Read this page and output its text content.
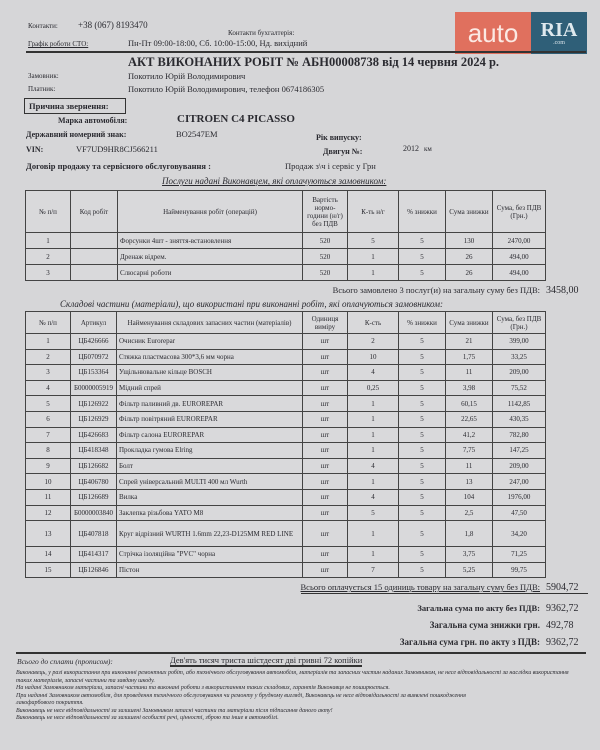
auto	RIA
.com
Контакти: +38 (067) 8193470
Контакти бухгалтерія:
Графік роботи СТО:	Пн-Пт 09:00-18:00, Сб. 10:00-15:00, Нд. вихідний
АКТ ВИКОНАНИХ РОБІТ № АБН00008738 від 14 червня 2024 р.
Замовник:	Покотило Юрій Володимирович
Платник:	Покотило Юрій Володимирович, телефон 0674186305
Причина звернення:
Марка автомобіля:	CITROEN C4 PICASSO
Державний номерний знак:	BO2547EM	Рік випуску:
2012 км
VIN:	VF7UD9HR8CJ566211	Двигун №:
Договір продажу та сервісного обслуговування :	Продаж з\ч і сервіс у Грн
Послуги надані Виконавцем, які оплачуються замовником:
№ п/п	Код робіт	Найменування робіт (операцій)	Вартість нормо-години (н/г) без ПДВ	К-ть н/г	% знижки	Сума знижки	Сума, без ПДВ (Грн.)
1		Форсунки 4шт - зняття-встановлення	520	5	5	130	2470,00
2		Дренаж відрем.	520	1	5	26	494,00
3		Слюсарні роботи	520	1	5	26	494,00
Всього замовлено 3 послуг(и) на загальну суму без ПДВ: 3458,00
Складові частини (матеріали), що використані при виконанні робіт, які оплачуються замовником:
№ п/п	Артикул	Найменування складових запасних частин (матеріалів)	Одиниця виміру	К-сть	% знижки	Сума знижки	Сума, без ПДВ (Грн.)
1	ЦБ426666	Очисник Eurorepar	шт	2	5	21	399,00
2	ЦБ070972	Стяжка пластмасова 300*3,6 мм чорна	шт	10	5	1,75	33,25
3	ЦБ153364	Ущільнювальне кільце BOSCH	шт	4	5	11	209,00
4	Б0000005919	Мідний спрей	шт	0,25	5	3,98	75,52
5	ЦБ126922	Фільтр паливний дв. EUROREPAR	шт	1	5	60,15	1142,85
6	ЦБ126929	Фільтр повітряний EUROREPAR	шт	1	5	22,65	430,35
7	ЦБ426683	Фільтр салона EUROREPAR	шт	1	5	41,2	782,80
8	ЦБ418348	Прокладка гумова Elring	шт	1	5	7,75	147,25
9	ЦБ126682	Болт	шт	4	5	11	209,00
10	ЦБ406780	Спрей універсальний MULTI 400 мл Wurth	шт	1	5	13	247,00
11	ЦБ126689	Вилка	шт	4	5	104	1976,00
12	Б0000003840	Заклепка різьбова YATO M8	шт	5	5	2,5	47,50
13	ЦБ407818	Круг відрізний WURTH 1.6mm 22,23-D125MM RED LINE	шт	1	5	1,8	34,20
14	ЦБ414317	Стрічка ізоляційна "PVC" чорна	шт	1	5	3,75	71,25
15	ЦБ126846	Пістон	шт	7	5	5,25	99,75
Всього оплачується 15 одиниць товару на загальну суму без ПДВ: 5904,72
Загальна сума по акту без ПДВ: 9362,72
Загальна сума знижки грн. 492,78
Загальна сума грн. по акту з ПДВ: 9362,72
Всього до сплати (прописом):	Дев'ять тисяч триста шістдесят дві гривні 72 копійки
Виконавець, у разі використання при виконанні ремонтних робіт, або технічного обслуговування автомобіля, матеріалів та запасних частин наданих Замовником, не несе відповідальності за наслідки використання таких матеріалів, запасні частини та завдану шкоду.
На надані Замовником матеріали, запасні частини та виконані роботи з використанням таких складових, гарантія Виконавця не поширюється.
При наданні Замовником автомобіля, для проведення технічного обслуговування чи ремонту у брудному вигляді, Виконавець не несе відповідальності за виявлені пошкодження лакофарбового покриття.
Виконавець не несе відповідальності за залишені Замовником запасні частини та матеріали після підписання даного акту!
Виконавець не несе відповідальності за залишені особисті речі, цінності, зброю та інше в автомобілі.
